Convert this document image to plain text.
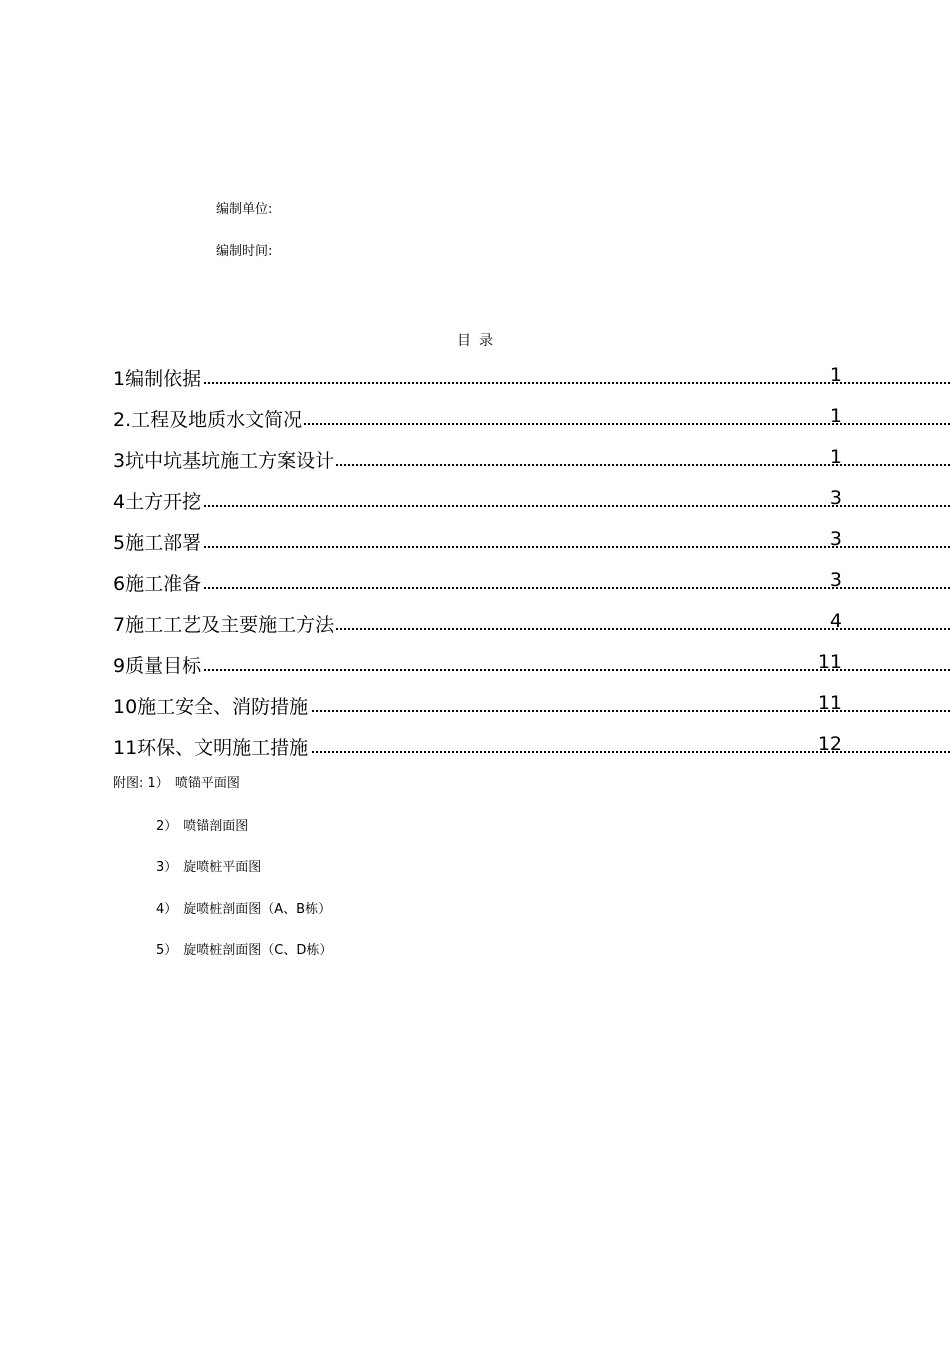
编制单位:
编制时间:
目录
1编制依据	1
2.工程及地质水文简况	1
3坑中坑基坑施工方案设计	1
4土方开挖	3
5施工部署	3
6施工准备	3
7施工工艺及主要施工方法	4
9质量目标	11
10施工安全、消防措施	11
11环保、文明施工措施	12
附图: 1） 喷锚平面图
2） 喷锚剖面图
3） 旋喷桩平面图
4） 旋喷桩剖面图（A、B栋）
5） 旋喷桩剖面图（C、D栋）
